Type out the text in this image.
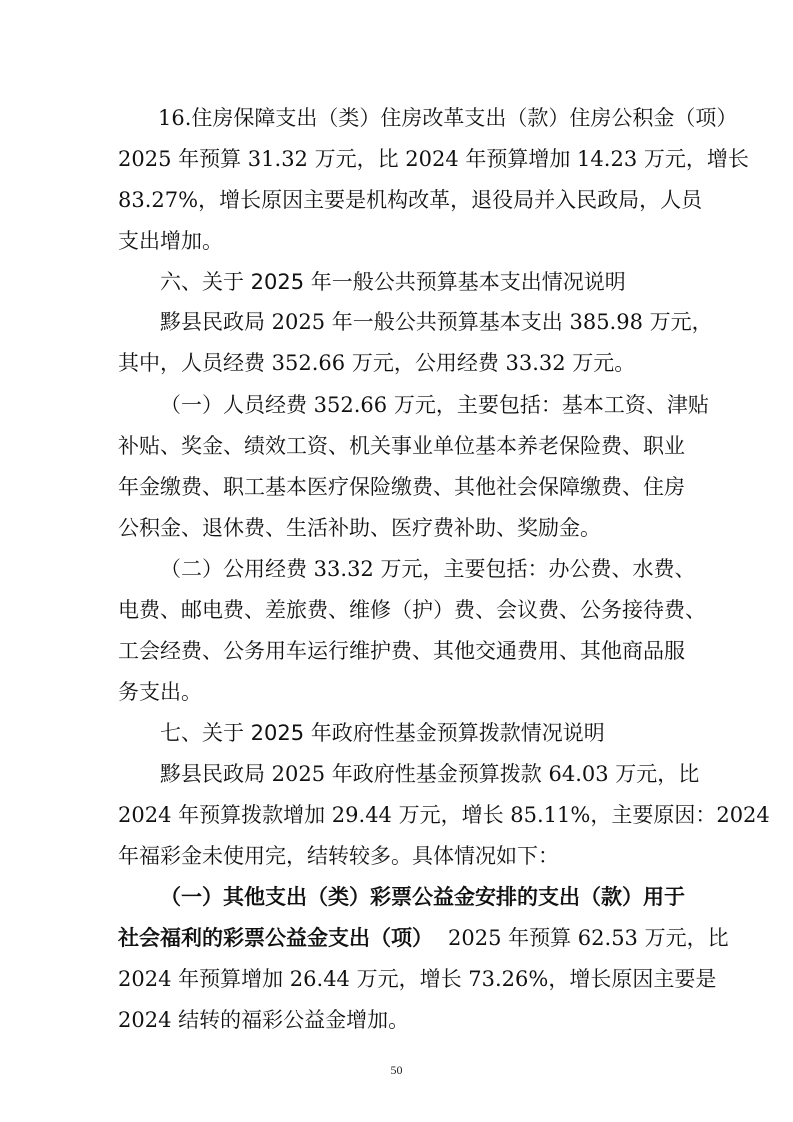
16.住房保障支出（类）住房改革支出（款）住房公积金（项）
2025 年预算 31.32 万元，比 2024 年预算增加 14.23 万元，增长
83.27%，增长原因主要是机构改革，退役局并入民政局，人员
支出增加。
六、关于 2025 年一般公共预算基本支出情况说明
黟县民政局 2025 年一般公共预算基本支出 385.98 万元，
其中，人员经费 352.66 万元，公用经费 33.32 万元。
（一）人员经费 352.66 万元，主要包括：基本工资、津贴
补贴、奖金、绩效工资、机关事业单位基本养老保险费、职业
年金缴费、职工基本医疗保险缴费、其他社会保障缴费、住房
公积金、退休费、生活补助、医疗费补助、奖励金。
（二）公用经费 33.32 万元，主要包括：办公费、水费、
电费、邮电费、差旅费、维修（护）费、会议费、公务接待费、
工会经费、公务用车运行维护费、其他交通费用、其他商品服
务支出。
七、关于 2025 年政府性基金预算拨款情况说明
黟县民政局 2025 年政府性基金预算拨款 64.03 万元，比
2024 年预算拨款增加 29.44 万元，增长 85.11%，主要原因：2024
年福彩金未使用完，结转较多。具体情况如下：
（一）其他支出（类）彩票公益金安排的支出（款）用于
社会福利的彩票公益金支出（项） 2025 年预算 62.53 万元，比
2024 年预算增加 26.44 万元，增长 73.26%，增长原因主要是
2024 结转的福彩公益金增加。
50
